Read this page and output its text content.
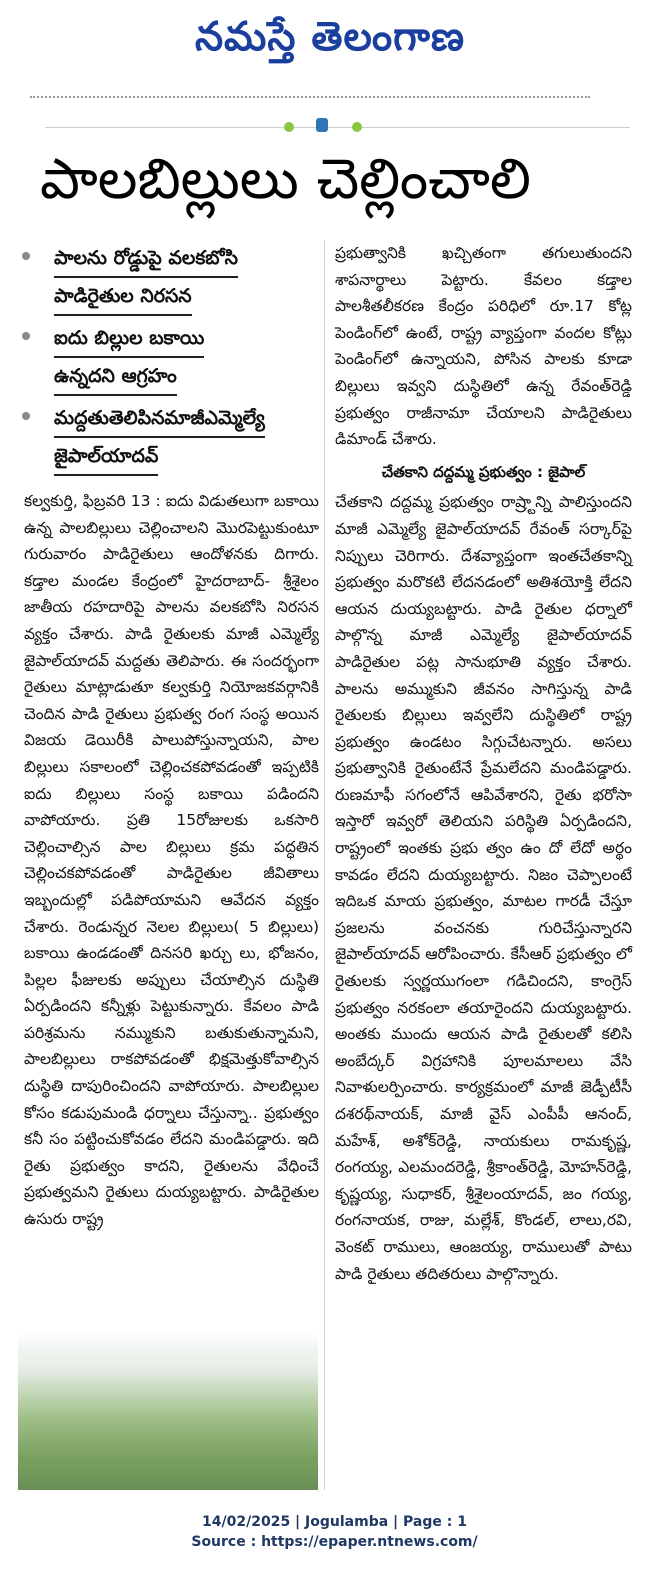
నమస్తే తెలంగాణ
పాలబిల్లులు చెల్లించాలి
పాలను రోడ్డుపై వలకబోసి
పాడిరైతుల నిరసన
ఐదు బిల్లుల బకాయి
ఉన్నదని ఆగ్రహం
మద్దతుతెలిపినమాజీఎమ్మెల్యే
జైపాల్‌యాదవ్

కల్వకుర్తి, ఫిబ్రవరి 13 : ఐదు విడుతలుగా బకాయి ఉన్న పాలబిల్లులు చెల్లించాలని మొరపెట్టుకుంటూ గురువారం పాడిరైతులు ఆందోళనకు దిగారు. కడ్తాల మండల కేంద్రంలో హైదరాబాద్‌- శ్రీశైలం జాతీయ రహదారిపై పాలను వలకబోసి నిరసన వ్యక్తం చేశారు. పాడి రైతులకు మాజీ ఎమ్మెల్యే జైపాల్‌యాదవ్‌ మద్దతు తెలిపారు. ఈ సందర్భంగా రైతులు మాట్లాడుతూ కల్వకుర్తి నియోజకవర్గానికి చెందిన పాడి రైతులు ప్రభుత్వ రంగ సంస్థ అయిన విజయ డెయిరీకి పాలుపోస్తున్నాయని, పాల బిల్లులు సకాలంలో చెల్లించకపోవడంతో ఇప్పటికి ఐదు బిల్లులు సంస్థ బకాయి పడిందని వాపోయారు. ప్రతి 15రోజులకు ఒకసారి చెల్లించాల్సిన పాల బిల్లులు క్రమ పద్ధతిన చెల్లించకపోవడంతో పాడిరైతుల జీవితాలు ఇబ్బందుల్లో పడిపోయామని ఆవేదన వ్యక్తం చేశారు. రెండున్నర నెలల బిల్లులు( 5 బిల్లులు) బకాయి ఉండడంతో దినసరి ఖర్చు లు, భోజనం, పిల్లల ఫీజులకు అప్పులు చేయాల్సిన దుస్థితి ఏర్పడిందని కన్నీళ్లు పెట్టుకున్నారు. కేవలం పాడి పరిశ్రమను నమ్ముకుని బతుకుతున్నామని, పాలబిల్లులు రాకపోవడంతో భిక్షమెత్తుకోవాల్సిన దుస్థితి దాపురించిందని వాపోయారు. పాలబిల్లుల కోసం కడుపుమండి ధర్నాలు చేస్తున్నా.. ప్రభుత్వం కనీ సం పట్టించుకోవడం లేదని మండిపడ్డారు. ఇది రైతు ప్రభుత్వం కాదని, రైతులను వేధించే ప్రభుత్వమని రైతులు దుయ్యబట్టారు. పాడిరైతుల ఉసురు రాష్ట్ర

ప్రభుత్వానికి ఖచ్చితంగా తగులుతుందని శాపనార్థాలు పెట్టారు. కేవలం కడ్తాల పాలశీతలీకరణ కేంద్రం పరిధిలో రూ.17 కోట్ల పెండింగ్‌లో ఉంటే, రాష్ట్ర వ్యాప్తంగా వందల కోట్లు పెండింగ్‌లో ఉన్నాయని, పోసిన పాలకు కూడా బిల్లులు ఇవ్వని దుస్థితిలో ఉన్న రేవంత్‌రెడ్డి ప్రభుత్వం రాజీనామా చేయాలని పాడిరైతులు డిమాండ్‌ చేశారు.

చేతకాని దద్దమ్మ ప్రభుత్వం : జైపాల్‌

చేతకాని దద్దమ్మ ప్రభుత్వం రాష్ర్టాన్ని పాలిస్తుందని మాజీ ఎమ్మెల్యే జైపాల్‌యాదవ్‌ రేవంత్‌ సర్కార్‌పై నిప్పులు చెరిగారు. దేశవ్యాప్తంగా ఇంతచేతకాన్ని ప్రభుత్వం మరొకటి లేదనడంలో అతిశయోక్తి లేదని ఆయన దుయ్యబట్టారు. పాడి రైతుల ధర్నాలో పాల్గొన్న మాజీ ఎమ్మెల్యే జైపాల్‌యాదవ్‌ పాడిరైతుల పట్ల సానుభూతి వ్యక్తం చేశారు. పాలను అమ్ముకుని జీవనం సాగిస్తున్న పాడి రైతులకు బిల్లులు ఇవ్వలేని దుస్థితిలో రాష్ట్ర ప్రభుత్వం ఉండటం సిగ్గుచేటన్నారు. అసలు ప్రభుత్వానికి రైతుంటేనే ప్రేమలేదని మండిపడ్డారు. రుణమాఫీ సగంలోనే ఆపివేశారని, రైతు భరోసా ఇస్తారో ఇవ్వరో తెలియని పరిస్థితి ఏర్పడిందని, రాష్ట్రంలో ఇంతకు ప్రభు త్వం ఉం దో లేదో అర్థం కావడం లేదని దుయ్యబట్టారు. నిజం చెప్పాలంటే ఇదిఒక మాయ ప్రభుత్వం, మాటల గారడీ చేస్తూ ప్రజలను వంచనకు గురిచేస్తున్నారని జైపాల్‌యాదవ్‌ ఆరోపించారు. కేసీఆర్‌ ప్రభుత్వం లో రైతులకు స్వర్ణయుగంలా గడిచిందని, కాంగ్రెస్‌ ప్రభుత్వం నరకంలా తయారైందని దుయ్యబట్టారు. అంతకు ముందు ఆయన పాడి రైతులతో కలిసి అంబేద్కర్‌ విగ్రహానికి పూలమాలలు వేసి నివాళులర్పించారు. కార్యక్రమంలో మాజీ జెడ్పీటీసీ దశరథ్‌నాయక్‌, మాజీ వైస్‌ ఎంపీపీ ఆనంద్‌, మహేశ్‌, అశోక్‌రెడ్డి, నాయకులు రామకృష్ణ, రంగయ్య, ఎలమందరెడ్డి, శ్రీకాంత్‌రెడ్డి, మోహన్‌రెడ్డి, కృష్ణయ్య, సుధాకర్‌, శ్రీశైలంయాదవ్‌, జం గయ్య, రంగనాయక, రాజు, మల్లేశ్‌, కొండల్‌, లాలు,రవి, వెంకట్‌ రాములు, ఆంజయ్య, రాములుతో పాటు పాడి రైతులు తదితరులు పాల్గొన్నారు.

14/02/2025 | Jogulamba | Page : 1
Source : https://epaper.ntnews.com/
